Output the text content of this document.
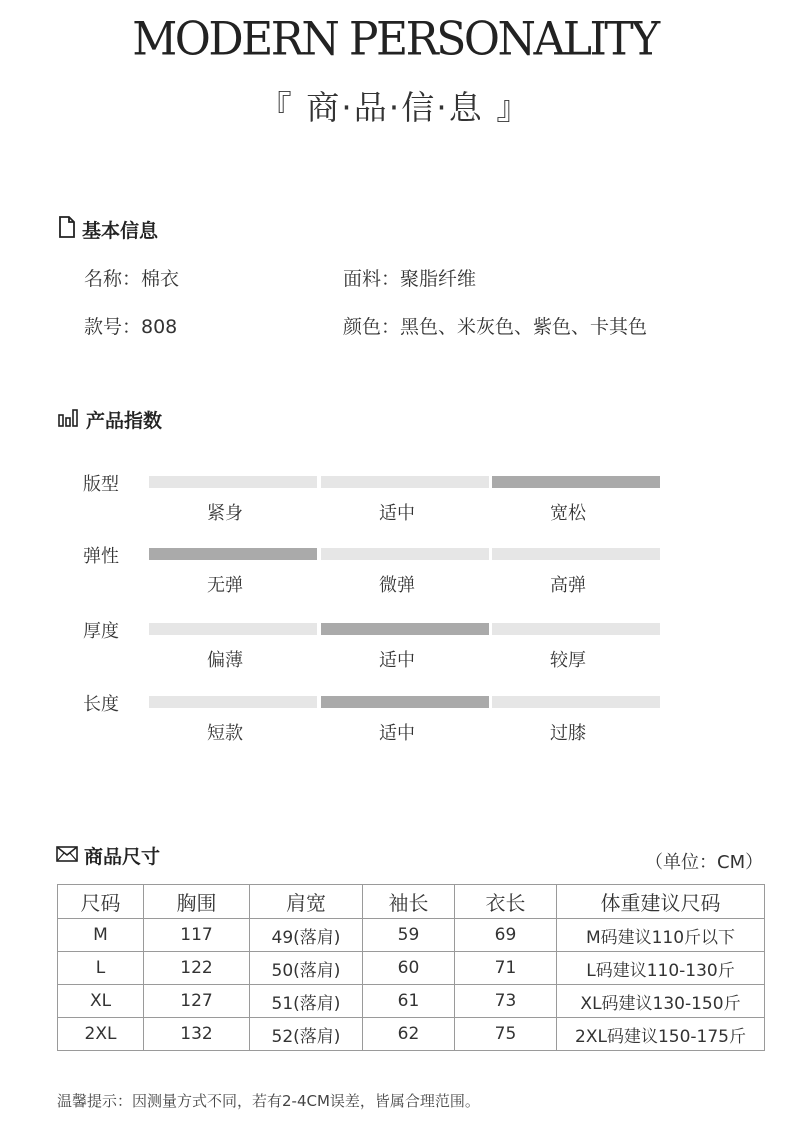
MODERN PERSONALITY
『 商·品·信·息 』
基本信息
名称：棉衣	面料：聚脂纤维
款号：808	颜色：黑色、米灰色、紫色、卡其色
产品指数
版型
紧身	适中	宽松
弹性
无弹	微弹	高弹
厚度
偏薄	适中	较厚
长度
短款	适中	过膝
商品尺寸	（单位：CM）
尺码	胸围	肩宽	袖长	衣长	体重建议尺码
M	117	49(落肩)	59	69	M码建议110斤以下
L	122	50(落肩)	60	71	L码建议110-130斤
XL	127	51(落肩)	61	73	XL码建议130-150斤
2XL	132	52(落肩)	62	75	2XL码建议150-175斤
温馨提示：因测量方式不同，若有2-4CM误差，皆属合理范围。
